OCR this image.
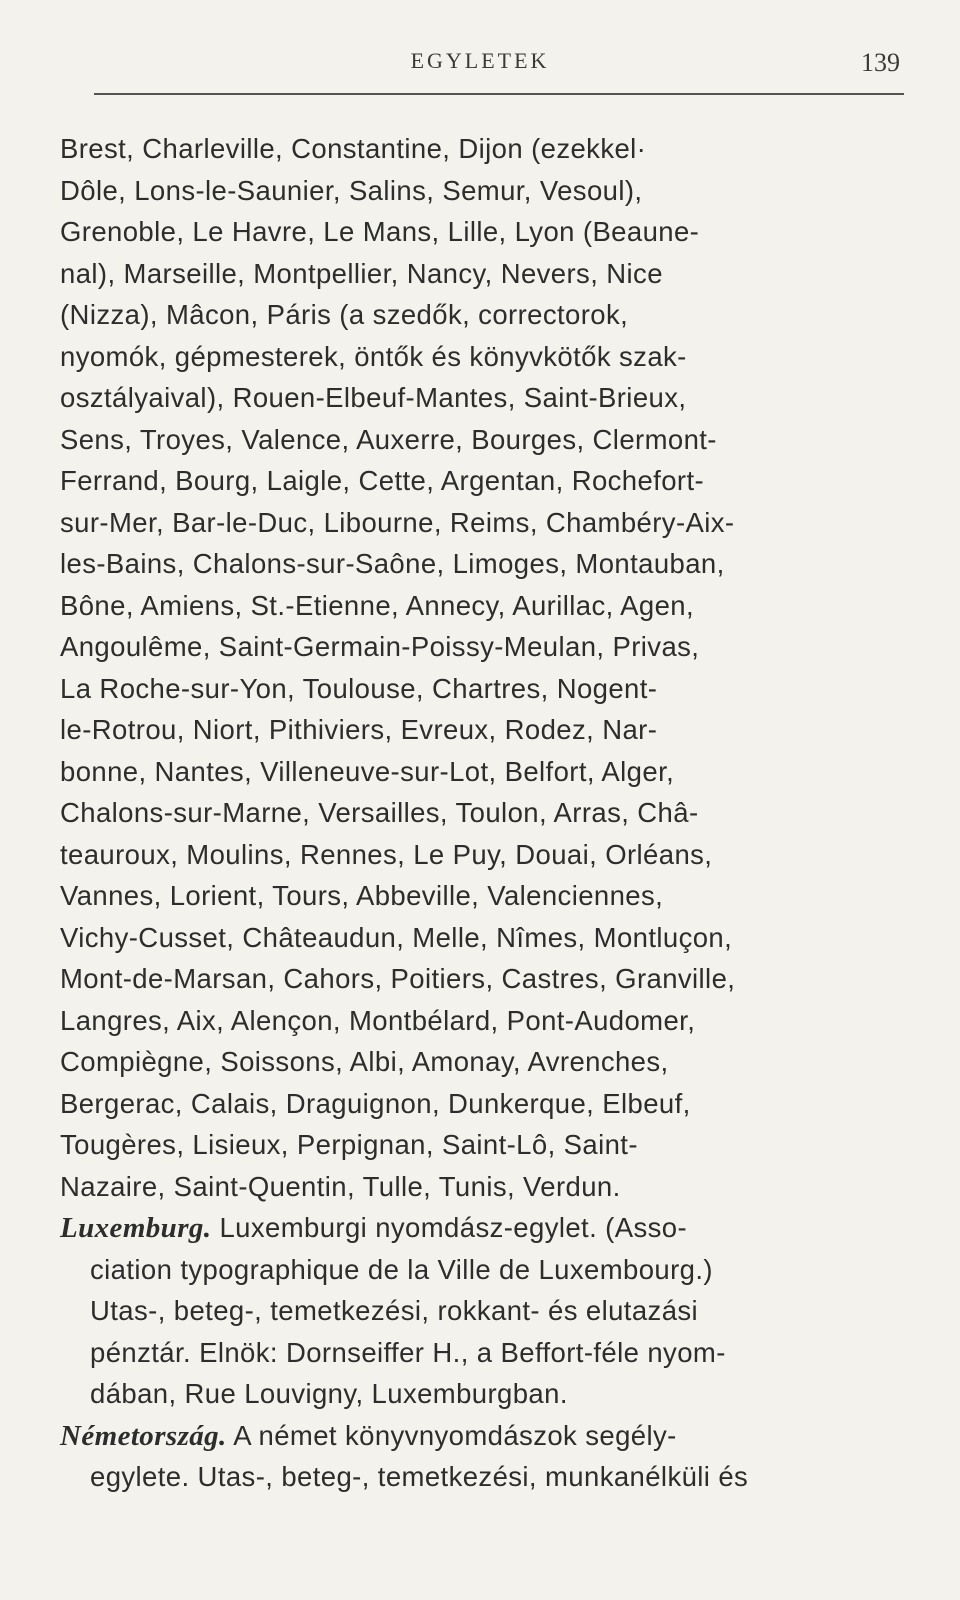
EGYLETEK	139
Brest, Charleville, Constantine, Dijon (ezekkel·
Dôle, Lons-le-Saunier, Salins, Semur, Vesoul),
Grenoble, Le Havre, Le Mans, Lille, Lyon (Beaune-
nal), Marseille, Montpellier, Nancy, Nevers, Nice
(Nizza), Mâcon, Páris (a szedők, correctorok,
nyomók, gépmesterek, öntők és könyvkötők szak-
osztályaival), Rouen-Elbeuf-Mantes, Saint-Brieux,
Sens, Troyes, Valence, Auxerre, Bourges, Clermont-
Ferrand, Bourg, Laigle, Cette, Argentan, Rochefort-
sur-Mer, Bar-le-Duc, Libourne, Reims, Chambéry-Aix-
les-Bains, Chalons-sur-Saône, Limoges, Montauban,
Bône, Amiens, St.-Etienne, Annecy, Aurillac, Agen,
Angoulême, Saint-Germain-Poissy-Meulan, Privas,
La Roche-sur-Yon, Toulouse, Chartres, Nogent-
le-Rotrou, Niort, Pithiviers, Evreux, Rodez, Nar-
bonne, Nantes, Villeneuve-sur-Lot, Belfort, Alger,
Chalons-sur-Marne, Versailles, Toulon, Arras, Châ-
teauroux, Moulins, Rennes, Le Puy, Douai, Orléans,
Vannes, Lorient, Tours, Abbeville, Valenciennes,
Vichy-Cusset, Châteaudun, Melle, Nîmes, Montluçon,
Mont-de-Marsan, Cahors, Poitiers, Castres, Granville,
Langres, Aix, Alençon, Montbélard, Pont-Audomer,
Compiègne, Soissons, Albi, Amonay, Avrenches,
Bergerac, Calais, Draguignon, Dunkerque, Elbeuf,
Tougères, Lisieux, Perpignan, Saint-Lô, Saint-
Nazaire, Saint-Quentin, Tulle, Tunis, Verdun.
Luxemburg. Luxemburgi nyomdász-egylet. (Asso-
ciation typographique de la Ville de Luxembourg.)
Utas-, beteg-, temetkezési, rokkant- és elutazási
pénztár. Elnök: Dornseiffer H., a Beffort-féle nyom-
dában, Rue Louvigny, Luxemburgban.
Németország. A német könyvnyomdászok segély-
egylete. Utas-, beteg-, temetkezési, munkanélküli és
